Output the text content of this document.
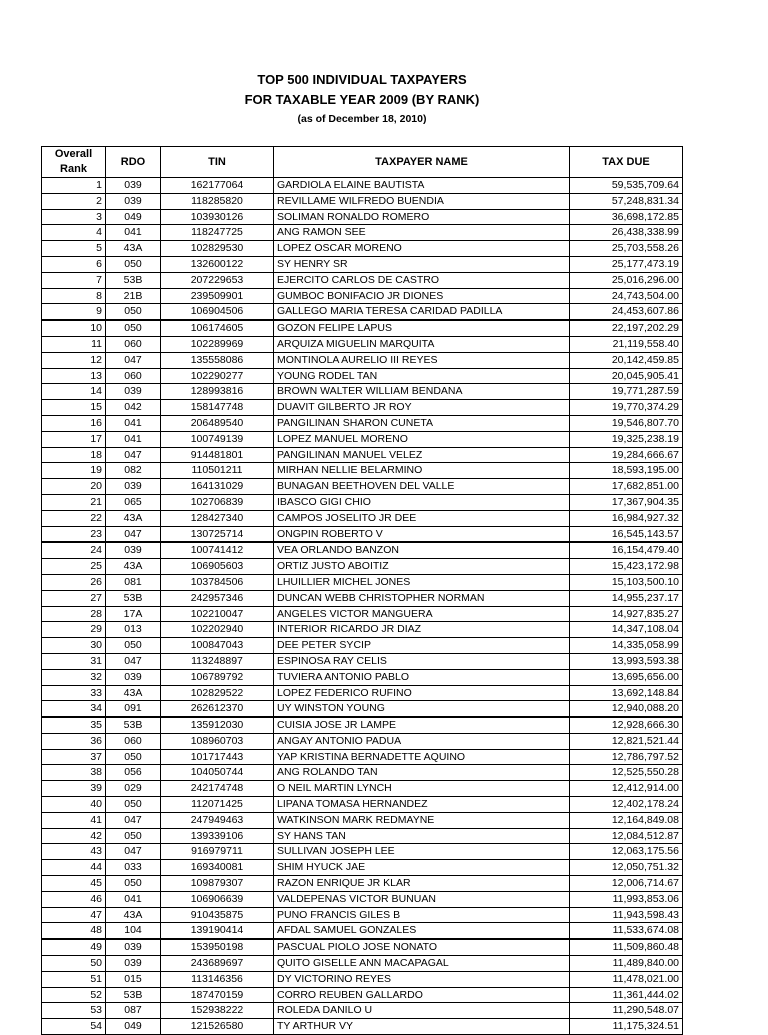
TOP 500 INDIVIDUAL TAXPAYERS
FOR TAXABLE YEAR 2009 (BY RANK)
(as of December 18, 2010)
Overall
Rank	RDO	TIN	TAXPAYER NAME	TAX DUE
1	039	162177064	GARDIOLA ELAINE BAUTISTA	59,535,709.64
2	039	118285820	REVILLAME WILFREDO BUENDIA	57,248,831.34
3	049	103930126	SOLIMAN RONALDO ROMERO	36,698,172.85
4	041	118247725	ANG RAMON SEE	26,438,338.99
5	43A	102829530	LOPEZ OSCAR MORENO	25,703,558.26
6	050	132600122	SY HENRY SR	25,177,473.19
7	53B	207229653	EJERCITO CARLOS DE CASTRO	25,016,296.00
8	21B	239509901	GUMBOC BONIFACIO JR DIONES	24,743,504.00
9	050	106904506	GALLEGO MARIA TERESA CARIDAD PADILLA	24,453,607.86
10	050	106174605	GOZON FELIPE LAPUS	22,197,202.29
11	060	102289969	ARQUIZA MIGUELIN MARQUITA	21,119,558.40
12	047	135558086	MONTINOLA AURELIO III REYES	20,142,459.85
13	060	102290277	YOUNG RODEL TAN	20,045,905.41
14	039	128993816	BROWN WALTER WILLIAM BENDANA	19,771,287.59
15	042	158147748	DUAVIT GILBERTO JR ROY	19,770,374.29
16	041	206489540	PANGILINAN SHARON CUNETA	19,546,807.70
17	041	100749139	LOPEZ MANUEL MORENO	19,325,238.19
18	047	914481801	PANGILINAN MANUEL VELEZ	19,284,666.67
19	082	110501211	MIRHAN NELLIE BELARMINO	18,593,195.00
20	039	164131029	BUNAGAN BEETHOVEN DEL VALLE	17,682,851.00
21	065	102706839	IBASCO GIGI CHIO	17,367,904.35
22	43A	128427340	CAMPOS JOSELITO JR DEE	16,984,927.32
23	047	130725714	ONGPIN ROBERTO V	16,545,143.57
24	039	100741412	VEA ORLANDO BANZON	16,154,479.40
25	43A	106905603	ORTIZ JUSTO ABOITIZ	15,423,172.98
26	081	103784506	LHUILLIER MICHEL JONES	15,103,500.10
27	53B	242957346	DUNCAN WEBB CHRISTOPHER NORMAN	14,955,237.17
28	17A	102210047	ANGELES VICTOR MANGUERA	14,927,835.27
29	013	102202940	INTERIOR RICARDO JR DIAZ	14,347,108.04
30	050	100847043	DEE PETER SYCIP	14,335,058.99
31	047	113248897	ESPINOSA RAY CELIS	13,993,593.38
32	039	106789792	TUVIERA ANTONIO PABLO	13,695,656.00
33	43A	102829522	LOPEZ FEDERICO RUFINO	13,692,148.84
34	091	262612370	UY WINSTON YOUNG	12,940,088.20
35	53B	135912030	CUISIA JOSE JR LAMPE	12,928,666.30
36	060	108960703	ANGAY ANTONIO PADUA	12,821,521.44
37	050	101717443	YAP KRISTINA BERNADETTE AQUINO	12,786,797.52
38	056	104050744	ANG ROLANDO TAN	12,525,550.28
39	029	242174748	O NEIL MARTIN LYNCH	12,412,914.00
40	050	112071425	LIPANA TOMASA HERNANDEZ	12,402,178.24
41	047	247949463	WATKINSON MARK REDMAYNE	12,164,849.08
42	050	139339106	SY HANS TAN	12,084,512.87
43	047	916979711	SULLIVAN JOSEPH LEE	12,063,175.56
44	033	169340081	SHIM HYUCK JAE	12,050,751.32
45	050	109879307	RAZON ENRIQUE JR KLAR	12,006,714.67
46	041	106906639	VALDEPENAS VICTOR BUNUAN	11,993,853.06
47	43A	910435875	PUNO FRANCIS GILES B	11,943,598.43
48	104	139190414	AFDAL SAMUEL GONZALES	11,533,674.08
49	039	153950198	PASCUAL PIOLO JOSE NONATO	11,509,860.48
50	039	243689697	QUITO GISELLE ANN MACAPAGAL	11,489,840.00
51	015	113146356	DY VICTORINO REYES	11,478,021.00
52	53B	187470159	CORRO REUBEN GALLARDO	11,361,444.02
53	087	152938222	ROLEDA DANILO U	11,290,548.07
54	049	121526580	TY ARTHUR VY	11,175,324.51
